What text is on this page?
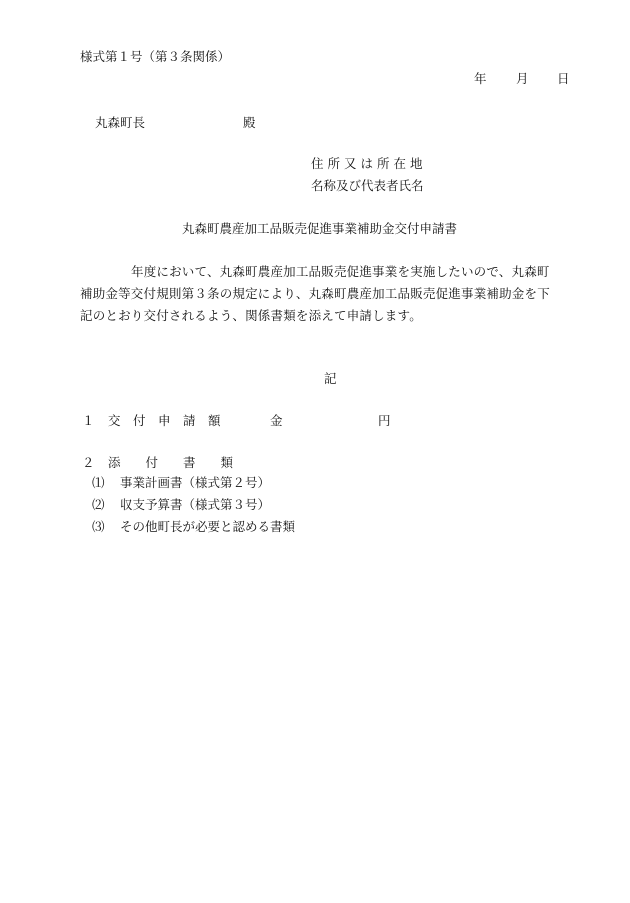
様式第１号（第３条関係）
年 月 日
丸森町長	殿
住所又は所在地
名称及び代表者氏名
丸森町農産加工品販売促進事業補助金交付申請書
年度において、丸森町農産加工品販売促進事業を実施したいので、丸森町
補助金等交付規則第３条の規定により、丸森町農産加工品販売促進事業補助金を下
記のとおり交付されるよう、関係書類を添えて申請します。
記
１ 交　付　申　請　額	金	円
２ 添　　付　　書　　類
⑴ 事業計画書（様式第２号）
⑵ 収支予算書（様式第３号）
⑶ その他町長が必要と認める書類
